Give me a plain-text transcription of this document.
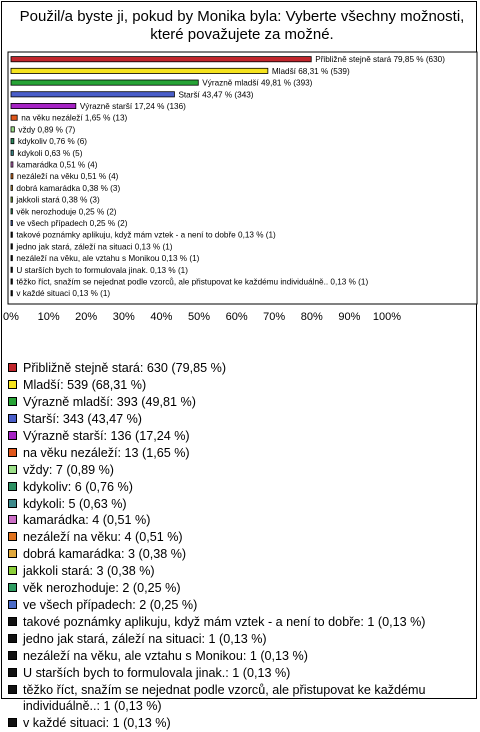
Použil/a byste ji, pokud by Monika byla: Vyberte všechny možnosti,
které považujete za možné.
Přibližně stejně stará 79,85 % (630)
Mladší 68,31 % (539)
Výrazně mladší 49,81 % (393)
Starší 43,47 % (343)
Výrazně starší 17,24 % (136)
na věku nezáleží 1,65 % (13)
vždy 0,89 % (7)
kdykoliv 0,76 % (6)
kdykoli 0,63 % (5)
kamarádka 0,51 % (4)
nezáleží na věku 0,51 % (4)
dobrá kamarádka 0,38 % (3)
jakkoli stará 0,38 % (3)
věk nerozhoduje 0,25 % (2)
ve všech případech 0,25 % (2)
takové poznámky aplikuju, když mám vztek - a není to dobře 0,13 % (1)
jedno jak stará, záleží na situaci 0,13 % (1)
nezáleží na věku, ale vztahu s Monikou 0,13 % (1)
U starších bych to formulovala jinak. 0,13 % (1)
těžko říct, snažím se nejednat podle vzorců, ale přistupovat ke každému individuálně.. 0,13 % (1)
v každé situaci 0,13 % (1)
0% 10% 20% 30% 40% 50% 60% 70% 80% 90% 100%
Přibližně stejně stará: 630 (79,85 %)
Mladší: 539 (68,31 %)
Výrazně mladší: 393 (49,81 %)
Starší: 343 (43,47 %)
Výrazně starší: 136 (17,24 %)
na věku nezáleží: 13 (1,65 %)
vždy: 7 (0,89 %)
kdykoliv: 6 (0,76 %)
kdykoli: 5 (0,63 %)
kamarádka: 4 (0,51 %)
nezáleží na věku: 4 (0,51 %)
dobrá kamarádka: 3 (0,38 %)
jakkoli stará: 3 (0,38 %)
věk nerozhoduje: 2 (0,25 %)
ve všech případech: 2 (0,25 %)
takové poznámky aplikuju, když mám vztek - a není to dobře: 1 (0,13 %)
jedno jak stará, záleží na situaci: 1 (0,13 %)
nezáleží na věku, ale vztahu s Monikou: 1 (0,13 %)
U starších bych to formulovala jinak.: 1 (0,13 %)
těžko říct, snažím se nejednat podle vzorců, ale přistupovat ke každému individuálně..: 1 (0,13 %)
v každé situaci: 1 (0,13 %)
